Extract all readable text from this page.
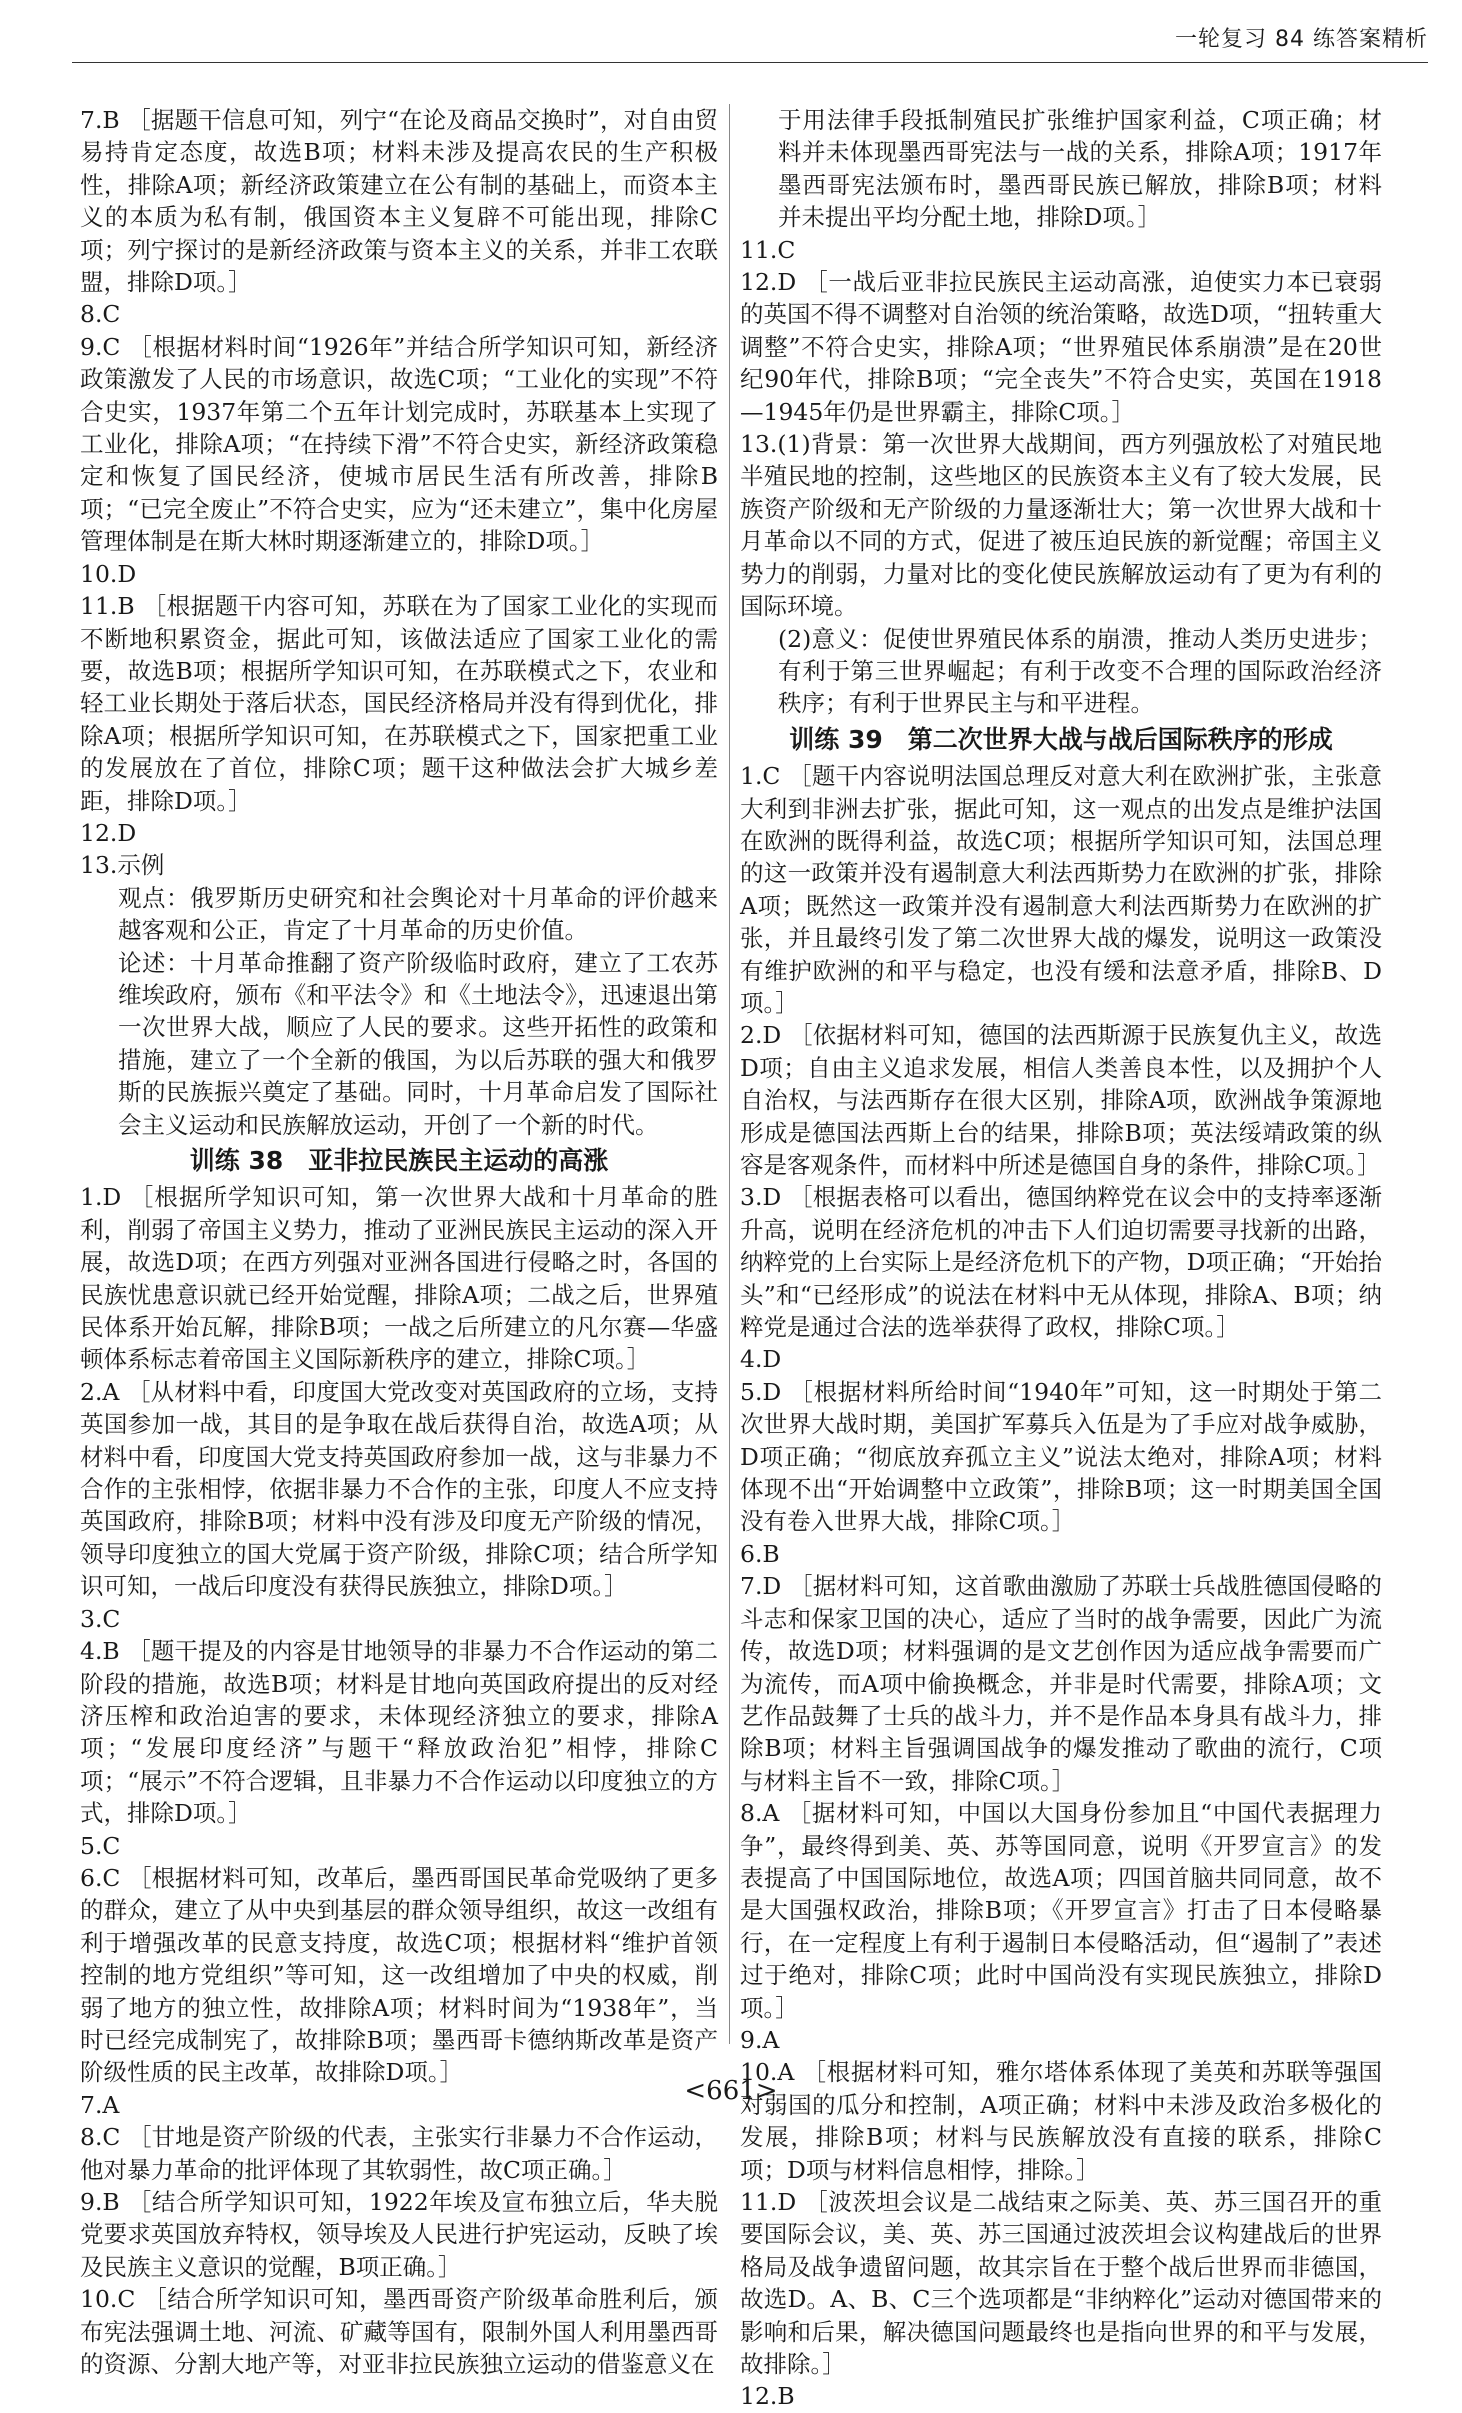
一轮复习 84 练答案精析

7.B ［据题干信息可知，列宁“在论及商品交换时”，对自由贸易持肯定态度，故选B项；材料未涉及提高农民的生产积极性，排除A项；新经济政策建立在公有制的基础上，而资本主义的本质为私有制，俄国资本主义复辟不可能出现，排除C项；列宁探讨的是新经济政策与资本主义的关系，并非工农联盟，排除D项。］

8.C

9.C ［根据材料时间“1926年”并结合所学知识可知，新经济政策激发了人民的市场意识，故选C项；“工业化的实现”不符合史实，1937年第二个五年计划完成时，苏联基本上实现了工业化，排除A项；“在持续下滑”不符合史实，新经济政策稳定和恢复了国民经济，使城市居民生活有所改善，排除B项；“已完全废止”不符合史实，应为“还未建立”，集中化房屋管理体制是在斯大林时期逐渐建立的，排除D项。］

10.D

11.B ［根据题干内容可知，苏联在为了国家工业化的实现而不断地积累资金，据此可知，该做法适应了国家工业化的需要，故选B项；根据所学知识可知，在苏联模式之下，农业和轻工业长期处于落后状态，国民经济格局并没有得到优化，排除A项；根据所学知识可知，在苏联模式之下，国家把重工业的发展放在了首位，排除C项；题干这种做法会扩大城乡差距，排除D项。］

12.D

13.示例

观点：俄罗斯历史研究和社会舆论对十月革命的评价越来越客观和公正，肯定了十月革命的历史价值。

论述：十月革命推翻了资产阶级临时政府，建立了工农苏维埃政府，颁布《和平法令》和《土地法令》，迅速退出第一次世界大战，顺应了人民的要求。这些开拓性的政策和措施，建立了一个全新的俄国，为以后苏联的强大和俄罗斯的民族振兴奠定了基础。同时，十月革命启发了国际社会主义运动和民族解放运动，开创了一个新的时代。

训练 38　亚非拉民族民主运动的高涨

1.D ［根据所学知识可知，第一次世界大战和十月革命的胜利，削弱了帝国主义势力，推动了亚洲民族民主运动的深入开展，故选D项；在西方列强对亚洲各国进行侵略之时，各国的民族忧患意识就已经开始觉醒，排除A项；二战之后，世界殖民体系开始瓦解，排除B项；一战之后所建立的凡尔赛—华盛顿体系标志着帝国主义国际新秩序的建立，排除C项。］

2.A ［从材料中看，印度国大党改变对英国政府的立场，支持英国参加一战，其目的是争取在战后获得自治，故选A项；从材料中看，印度国大党支持英国政府参加一战，这与非暴力不合作的主张相悖，依据非暴力不合作的主张，印度人不应支持英国政府，排除B项；材料中没有涉及印度无产阶级的情况，领导印度独立的国大党属于资产阶级，排除C项；结合所学知识可知，一战后印度没有获得民族独立，排除D项。］

3.C

4.B ［题干提及的内容是甘地领导的非暴力不合作运动的第二阶段的措施，故选B项；材料是甘地向英国政府提出的反对经济压榨和政治迫害的要求，未体现经济独立的要求，排除A项；“发展印度经济”与题干“释放政治犯”相悖，排除C项；“展示”不符合逻辑，且非暴力不合作运动以印度独立的方式，排除D项。］

5.C

6.C ［根据材料可知，改革后，墨西哥国民革命党吸纳了更多的群众，建立了从中央到基层的群众领导组织，故这一改组有利于增强改革的民意支持度，故选C项；根据材料“维护首领控制的地方党组织”等可知，这一改组增加了中央的权威，削弱了地方的独立性，故排除A项；材料时间为“1938年”，当时已经完成制宪了，故排除B项；墨西哥卡德纳斯改革是资产阶级性质的民主改革，故排除D项。］

7.A

8.C ［甘地是资产阶级的代表，主张实行非暴力不合作运动，他对暴力革命的批评体现了其软弱性，故C项正确。］

9.B ［结合所学知识可知，1922年埃及宣布独立后，华夫脱党要求英国放弃特权，领导埃及人民进行护宪运动，反映了埃及民族主义意识的觉醒，B项正确。］

10.C ［结合所学知识可知，墨西哥资产阶级革命胜利后，颁布宪法强调土地、河流、矿藏等国有，限制外国人利用墨西哥的资源、分割大地产等，对亚非拉民族独立运动的借鉴意义在

于用法律手段抵制殖民扩张维护国家利益，C项正确；材料并未体现墨西哥宪法与一战的关系，排除A项；1917年墨西哥宪法颁布时，墨西哥民族已解放，排除B项；材料并未提出平均分配土地，排除D项。］

11.C

12.D ［一战后亚非拉民族民主运动高涨，迫使实力本已衰弱的英国不得不调整对自治领的统治策略，故选D项，“扭转重大调整”不符合史实，排除A项；“世界殖民体系崩溃”是在20世纪90年代，排除B项；“完全丧失”不符合史实，英国在1918—1945年仍是世界霸主，排除C项。］

13.(1)背景：第一次世界大战期间，西方列强放松了对殖民地半殖民地的控制，这些地区的民族资本主义有了较大发展，民族资产阶级和无产阶级的力量逐渐壮大；第一次世界大战和十月革命以不同的方式，促进了被压迫民族的新觉醒；帝国主义势力的削弱，力量对比的变化使民族解放运动有了更为有利的国际环境。

(2)意义：促使世界殖民体系的崩溃，推动人类历史进步；有利于第三世界崛起；有利于改变不合理的国际政治经济秩序；有利于世界民主与和平进程。

训练 39　第二次世界大战与战后国际秩序的形成

1.C ［题干内容说明法国总理反对意大利在欧洲扩张，主张意大利到非洲去扩张，据此可知，这一观点的出发点是维护法国在欧洲的既得利益，故选C项；根据所学知识可知，法国总理的这一政策并没有遏制意大利法西斯势力在欧洲的扩张，排除A项；既然这一政策并没有遏制意大利法西斯势力在欧洲的扩张，并且最终引发了第二次世界大战的爆发，说明这一政策没有维护欧洲的和平与稳定，也没有缓和法意矛盾，排除B、D项。］

2.D ［依据材料可知，德国的法西斯源于民族复仇主义，故选D项；自由主义追求发展，相信人类善良本性，以及拥护个人自治权，与法西斯存在很大区别，排除A项，欧洲战争策源地形成是德国法西斯上台的结果，排除B项；英法绥靖政策的纵容是客观条件，而材料中所述是德国自身的条件，排除C项。］

3.D ［根据表格可以看出，德国纳粹党在议会中的支持率逐渐升高，说明在经济危机的冲击下人们迫切需要寻找新的出路，纳粹党的上台实际上是经济危机下的产物，D项正确；“开始抬头”和“已经形成”的说法在材料中无从体现，排除A、B项；纳粹党是通过合法的选举获得了政权，排除C项。］

4.D

5.D ［根据材料所给时间“1940年”可知，这一时期处于第二次世界大战时期，美国扩军募兵入伍是为了手应对战争威胁，D项正确；“彻底放弃孤立主义”说法太绝对，排除A项；材料体现不出“开始调整中立政策”，排除B项；这一时期美国全国没有卷入世界大战，排除C项。］

6.B

7.D ［据材料可知，这首歌曲激励了苏联士兵战胜德国侵略的斗志和保家卫国的决心，适应了当时的战争需要，因此广为流传，故选D项；材料强调的是文艺创作因为适应战争需要而广为流传，而A项中偷换概念，并非是时代需要，排除A项；文艺作品鼓舞了士兵的战斗力，并不是作品本身具有战斗力，排除B项；材料主旨强调国战争的爆发推动了歌曲的流行，C项与材料主旨不一致，排除C项。］

8.A ［据材料可知，中国以大国身份参加且“中国代表据理力争”，最终得到美、英、苏等国同意，说明《开罗宣言》的发表提高了中国国际地位，故选A项；四国首脑共同同意，故不是大国强权政治，排除B项；《开罗宣言》打击了日本侵略暴行，在一定程度上有利于遏制日本侵略活动，但“遏制了”表述过于绝对，排除C项；此时中国尚没有实现民族独立，排除D项。］

9.A

10.A ［根据材料可知，雅尔塔体系体现了美英和苏联等强国对弱国的瓜分和控制，A项正确；材料中未涉及政治多极化的发展，排除B项；材料与民族解放没有直接的联系，排除C项；D项与材料信息相悖，排除。］

11.D ［波茨坦会议是二战结束之际美、英、苏三国召开的重要国际会议，美、英、苏三国通过波茨坦会议构建战后的世界格局及战争遗留问题，故其宗旨在于整个战后世界而非德国，故选D。A、B、C三个选项都是“非纳粹化”运动对德国带来的影响和后果，解决德国问题最终也是指向世界的和平与发展，故排除。］

12.B

<661>
